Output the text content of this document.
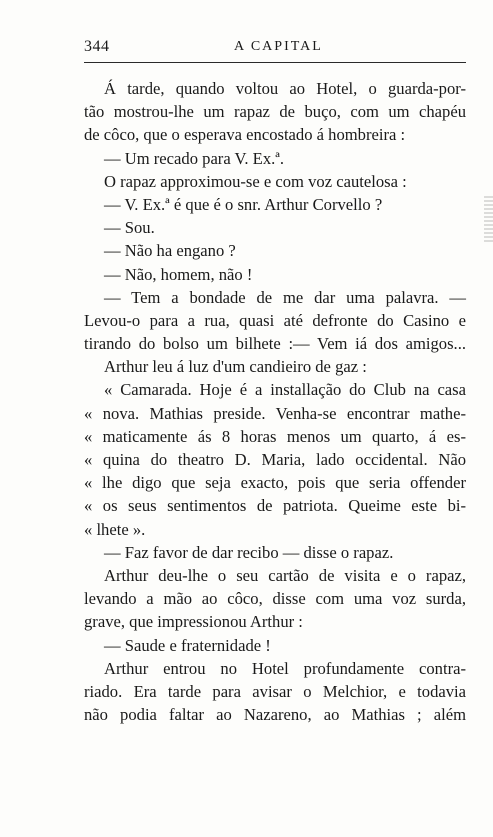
344	A CAPITAL
Á tarde, quando voltou ao Hotel, o guarda-por-
tão mostrou-lhe um rapaz de buço, com um chapéu
de côco, que o esperava encostado á hombreira :
— Um recado para V. Ex.ª.
O rapaz approximou-se e com voz cautelosa :
— V. Ex.ª é que é o snr. Arthur Corvello ?
— Sou.
— Não ha engano ?
— Não, homem, não !
— Tem a bondade de me dar uma palavra. —
Levou-o para a rua, quasi até defronte do Casino e
tirando do bolso um bilhete :— Vem iá dos amigos...
Arthur leu á luz d'um candieiro de gaz :
« Camarada. Hoje é a installação do Club na casa
« nova. Mathias preside. Venha-se encontrar mathe-
« maticamente ás 8 horas menos um quarto, á es-
« quina do theatro D. Maria, lado occidental. Não
« lhe digo que seja exacto, pois que seria offender
« os seus sentimentos de patriota. Queime este bi-
« lhete ».
— Faz favor de dar recibo — disse o rapaz.
Arthur deu-lhe o seu cartão de visita e o rapaz,
levando a mão ao côco, disse com uma voz surda,
grave, que impressionou Arthur :
— Saude e fraternidade !
Arthur entrou no Hotel profundamente contra-
riado. Era tarde para avisar o Melchior, e todavia
não podia faltar ao Nazareno, ao Mathias ; além
